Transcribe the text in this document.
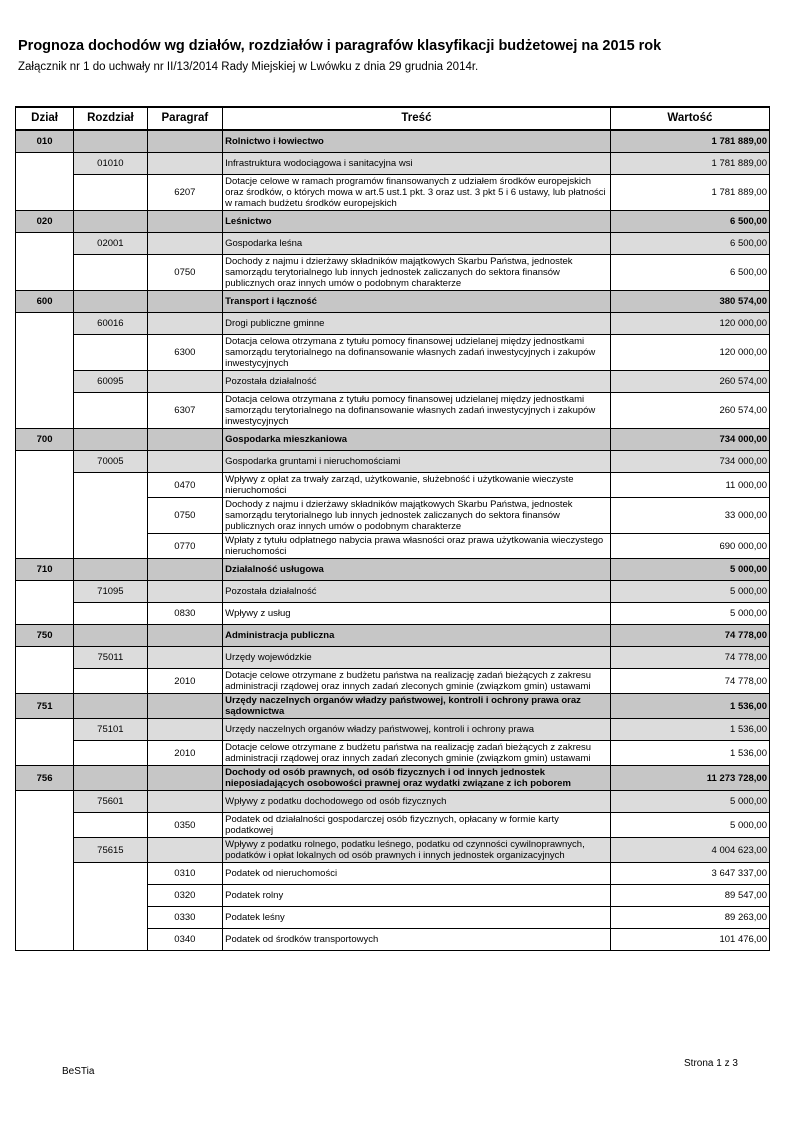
Prognoza dochodów wg działów, rozdziałów i paragrafów klasyfikacji budżetowej na 2015 rok
Załącznik nr 1 do uchwały nr II/13/2014 Rady Miejskiej w Lwówku z dnia 29 grudnia 2014r.
Dział	Rozdział	Paragraf	Treść	Wartość
010			Rolnictwo i łowiectwo	1 781 889,00
	01010		Infrastruktura wodociągowa i sanitacyjna wsi	1 781 889,00
		6207	Dotacje celowe w ramach programów finansowanych z udziałem środków europejskich oraz środków, o których mowa w art.5 ust.1 pkt. 3 oraz ust. 3 pkt 5 i 6 ustawy, lub płatności w ramach budżetu środków europejskich	1 781 889,00
020			Leśnictwo	6 500,00
	02001		Gospodarka leśna	6 500,00
		0750	Dochody z najmu i dzierżawy składników majątkowych Skarbu Państwa, jednostek samorządu terytorialnego lub innych jednostek zaliczanych do sektora finansów publicznych oraz innych umów o podobnym charakterze	6 500,00
600			Transport i łączność	380 574,00
	60016		Drogi publiczne gminne	120 000,00
		6300	Dotacja celowa otrzymana z tytułu pomocy finansowej udzielanej między jednostkami samorządu terytorialnego na dofinansowanie własnych zadań inwestycyjnych i zakupów inwestycyjnych	120 000,00
	60095		Pozostała działalność	260 574,00
		6307	Dotacja celowa otrzymana z tytułu pomocy finansowej udzielanej między jednostkami samorządu terytorialnego na dofinansowanie własnych zadań inwestycyjnych i zakupów inwestycyjnych	260 574,00
700			Gospodarka mieszkaniowa	734 000,00
	70005		Gospodarka gruntami i nieruchomościami	734 000,00
		0470	Wpływy z opłat za trwały zarząd, użytkowanie, służebność i użytkowanie wieczyste nieruchomości	11 000,00
		0750	Dochody z najmu i dzierżawy składników majątkowych Skarbu Państwa, jednostek samorządu terytorialnego lub innych jednostek zaliczanych do sektora finansów publicznych oraz innych umów o podobnym charakterze	33 000,00
		0770	Wpłaty z tytułu odpłatnego nabycia prawa własności oraz prawa użytkowania wieczystego nieruchomości	690 000,00
710			Działalność usługowa	5 000,00
	71095		Pozostała działalność	5 000,00
		0830	Wpływy z usług	5 000,00
750			Administracja publiczna	74 778,00
	75011		Urzędy wojewódzkie	74 778,00
		2010	Dotacje celowe otrzymane z budżetu państwa na realizację zadań bieżących z zakresu administracji rządowej oraz innych zadań zleconych gminie (związkom gmin) ustawami	74 778,00
751			Urzędy naczelnych organów władzy państwowej, kontroli i ochrony prawa oraz sądownictwa	1 536,00
	75101		Urzędy naczelnych organów władzy państwowej, kontroli i ochrony prawa	1 536,00
		2010	Dotacje celowe otrzymane z budżetu państwa na realizację zadań bieżących z zakresu administracji rządowej oraz innych zadań zleconych gminie (związkom gmin) ustawami	1 536,00
756			Dochody od osób prawnych, od osób fizycznych i od innych jednostek nieposiadających osobowości prawnej oraz wydatki związane z ich poborem	11 273 728,00
	75601		Wpływy z podatku dochodowego od osób fizycznych	5 000,00
		0350	Podatek od działalności gospodarczej osób fizycznych, opłacany w formie karty podatkowej	5 000,00
	75615		Wpływy z podatku rolnego, podatku leśnego, podatku od czynności cywilnoprawnych, podatków i opłat lokalnych od osób prawnych i innych jednostek organizacyjnych	4 004 623,00
		0310	Podatek od nieruchomości	3 647 337,00
		0320	Podatek rolny	89 547,00
		0330	Podatek leśny	89 263,00
		0340	Podatek od środków transportowych	101 476,00
Strona 1 z 3
BeSTia
